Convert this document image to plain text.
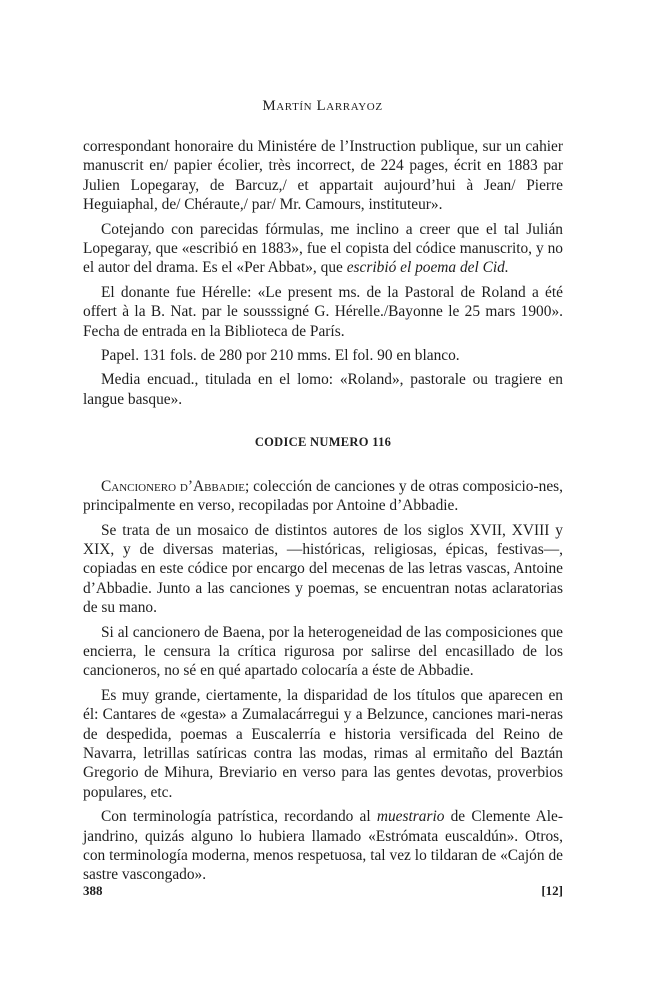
Martín Larrayoz

correspondant honoraire du Ministére de l’Instruction publique, sur un cahier manuscrit en/ papier écolier, très incorrect, de 224 pages, écrit en 1883 par Julien Lopegaray, de Barcuz,/ et appartait aujourd’hui à Jean/ Pierre Heguiaphal, de/ Chéraute,/ par/ Mr. Camours, instituteur».

Cotejando con parecidas fórmulas, me inclino a creer que el tal Julián Lopegaray, que «escribió en 1883», fue el copista del códice manuscrito, y no el autor del drama. Es el «Per Abbat», que escribió el poema del Cid.

El donante fue Hérelle: «Le present ms. de la Pastoral de Roland a été offert à la B. Nat. par le sousssigné G. Hérelle./Bayonne le 25 mars 1900». Fecha de entrada en la Biblioteca de París.

Papel. 131 fols. de 280 por 210 mms. El fol. 90 en blanco.

Media encuad., titulada en el lomo: «Roland», pastorale ou tragiere en langue basque».

CODICE NUMERO 116

Cancionero d’Abbadie; colección de canciones y de otras composicio-nes, principalmente en verso, recopiladas por Antoine d’Abbadie.

Se trata de un mosaico de distintos autores de los siglos XVII, XVIII y XIX, y de diversas materias, —históricas, religiosas, épicas, festivas—, copiadas en este códice por encargo del mecenas de las letras vascas, Antoine d’Abbadie. Junto a las canciones y poemas, se encuentran notas aclaratorias de su mano.

Si al cancionero de Baena, por la heterogeneidad de las composiciones que encierra, le censura la crítica rigurosa por salirse del encasillado de los cancioneros, no sé en qué apartado colocaría a éste de Abbadie.

Es muy grande, ciertamente, la disparidad de los títulos que aparecen en él: Cantares de «gesta» a Zumalacárregui y a Belzunce, canciones mari-neras de despedida, poemas a Euscalerría e historia versificada del Reino de Navarra, letrillas satíricas contra las modas, rimas al ermitaño del Baztán Gregorio de Mihura, Breviario en verso para las gentes devotas, proverbios populares, etc.

Con terminología patrística, recordando al muestrario de Clemente Ale-jandrino, quizás alguno lo hubiera llamado «Estrómata euscaldún». Otros, con terminología moderna, menos respetuosa, tal vez lo tildaran de «Cajón de sastre vascongado».

388	[12]
